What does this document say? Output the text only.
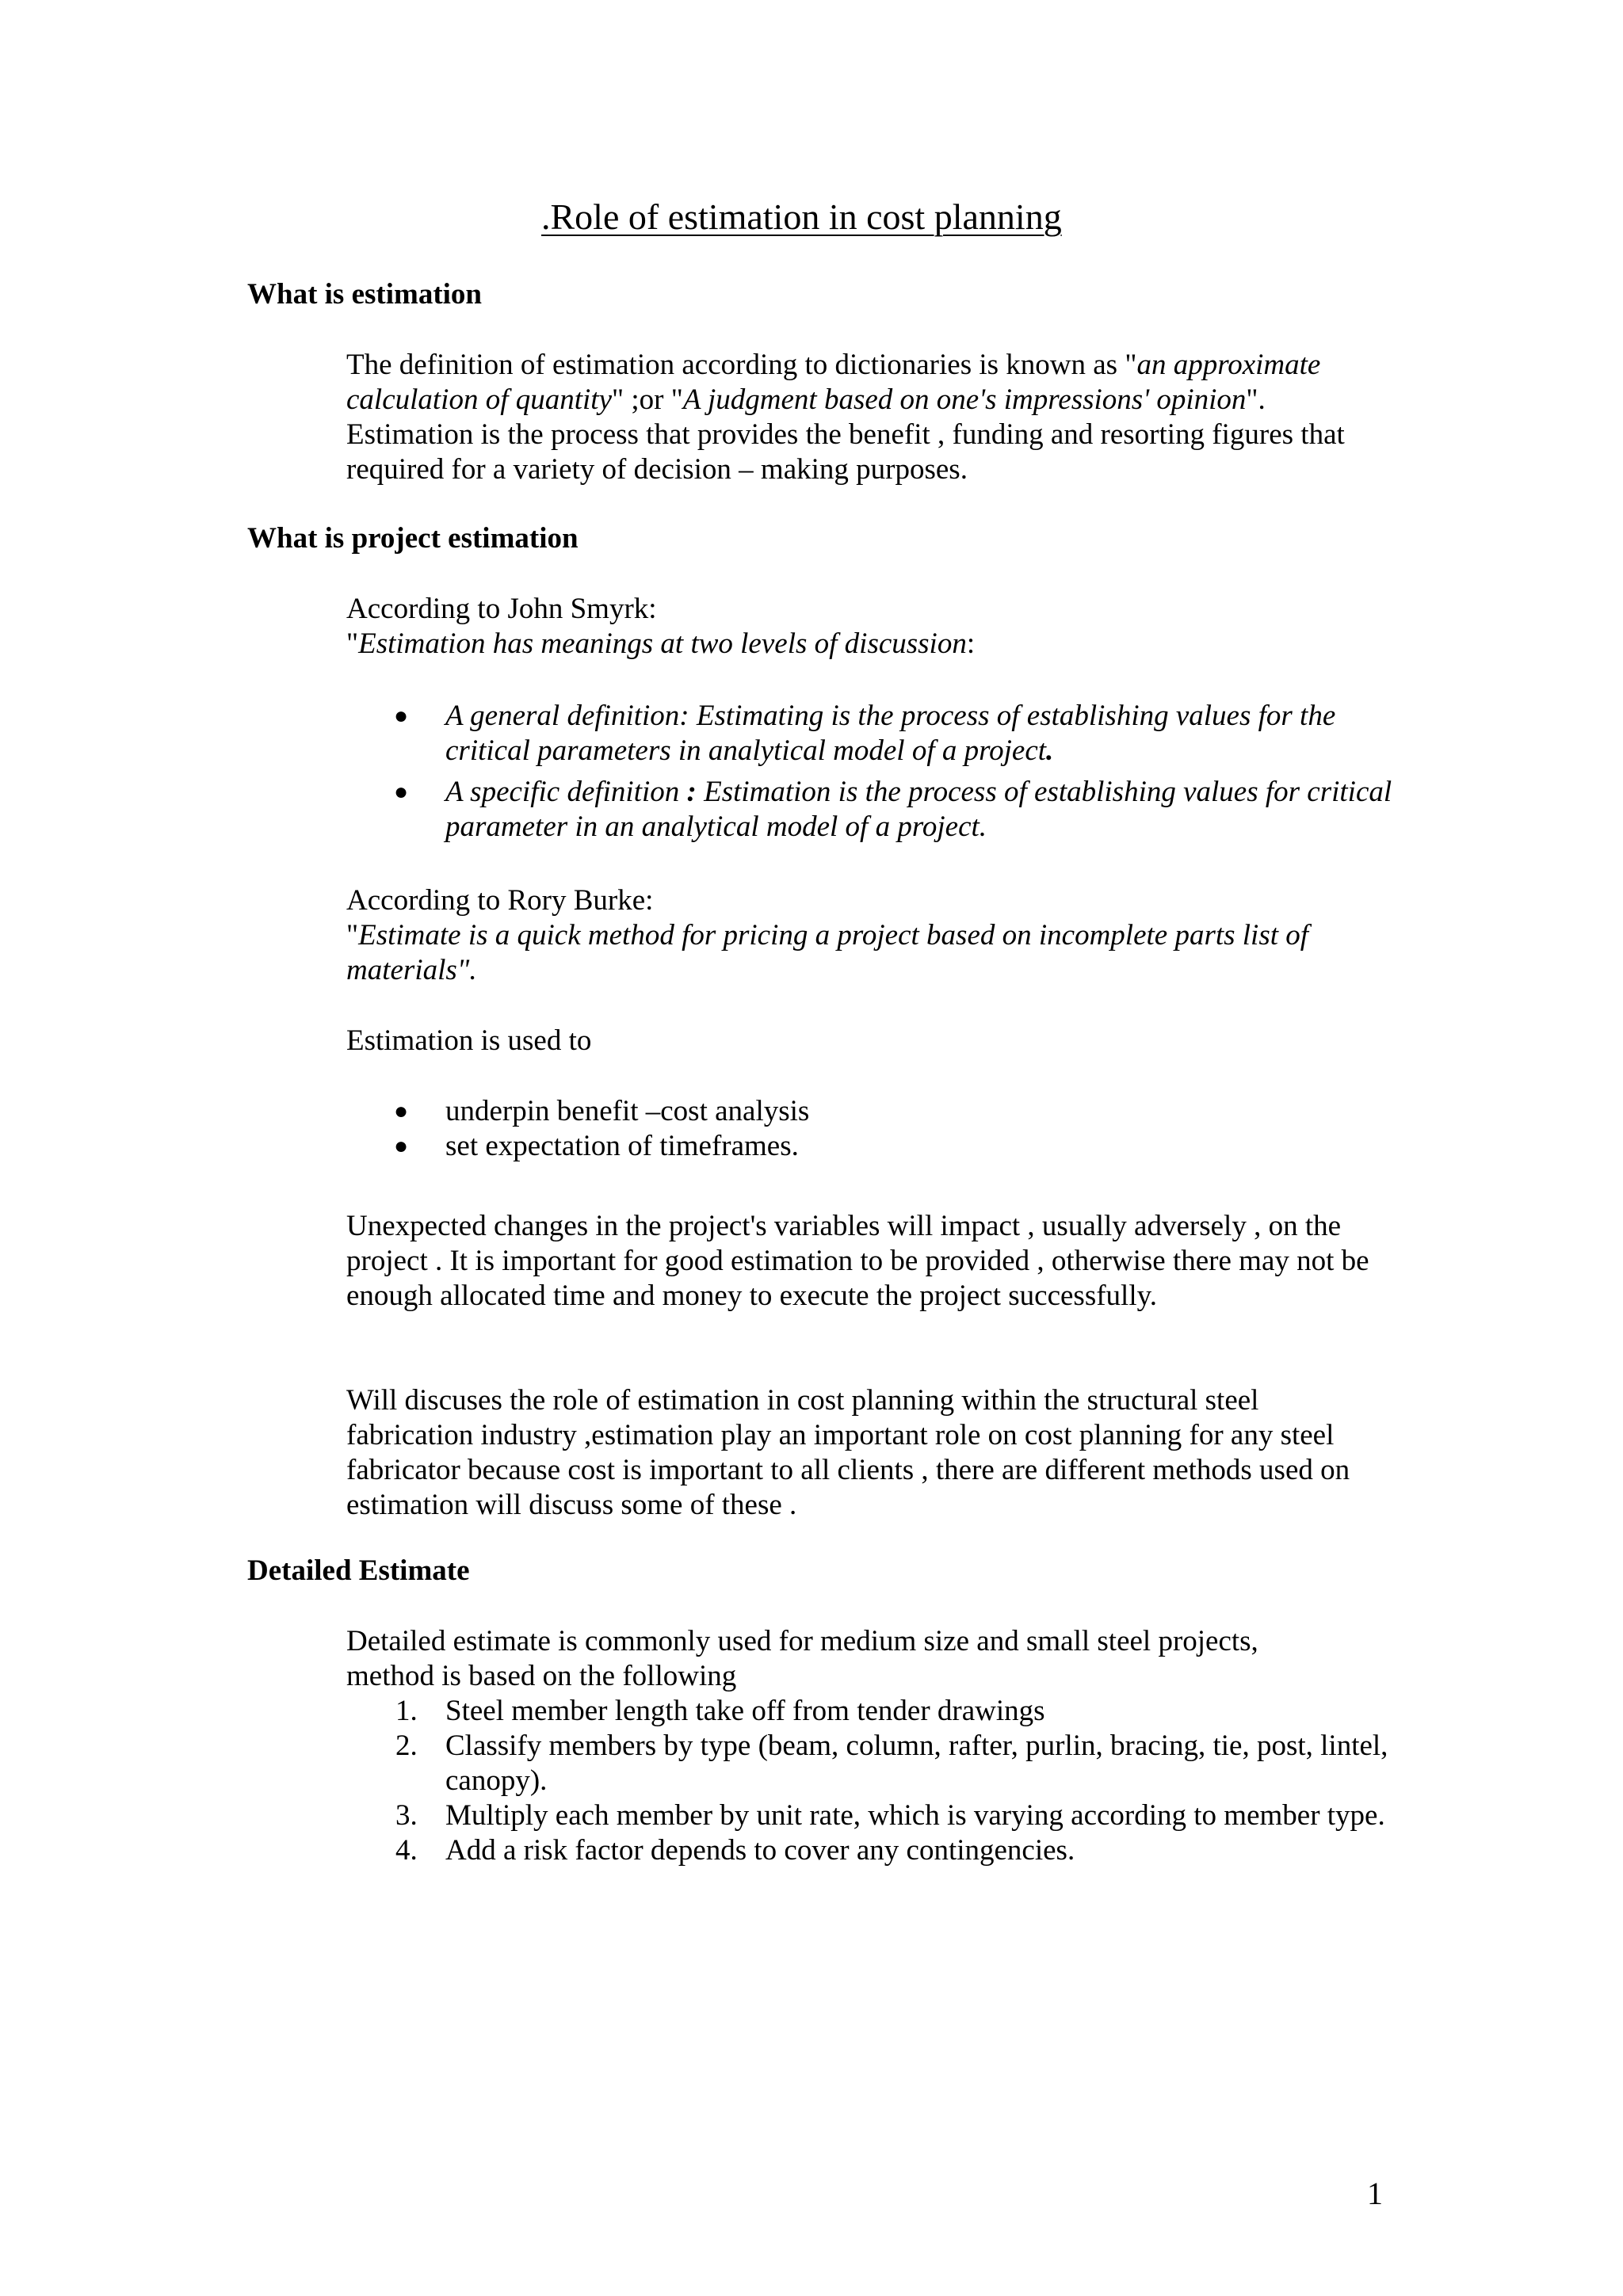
.Role of estimation in cost planning
What is estimation

The definition of estimation according to dictionaries is known as "an approximate calculation of quantity" ;or "A judgment based on one's impressions' opinion". Estimation is the process that provides the benefit , funding and resorting figures that required for a variety of decision – making purposes.

What is project estimation
According to John Smyrk:
"Estimation has meanings at two levels of discussion:
● A general definition: Estimating is the process of establishing values for the critical parameters in analytical model of a project.
● A specific definition : Estimation is the process of establishing values for critical parameter in an analytical model of a project.
According to Rory Burke:

"Estimate is a quick method for pricing a project based on incomplete parts list of materials".

Estimation is used to
● underpin benefit –cost analysis
● set expectation of timeframes.

Unexpected changes in the project's variables will impact , usually adversely , on the project . It is important for good estimation to be provided , otherwise there may not be enough allocated time and money to execute the project successfully.

Will discuses the role of estimation in cost planning within the structural steel fabrication industry ,estimation play an important role on cost planning for any steel fabricator because cost is important to all clients , there are different methods used on estimation will discuss some of these .

Detailed Estimate
Detailed estimate is commonly used for medium size and small steel projects,
method is based on the following
1. Steel member length take off from tender drawings
2. Classify members by type (beam, column, rafter, purlin, bracing, tie, post, lintel, canopy).
3. Multiply each member by unit rate, which is varying according to member type.
4. Add a risk factor depends to cover any contingencies.
1
